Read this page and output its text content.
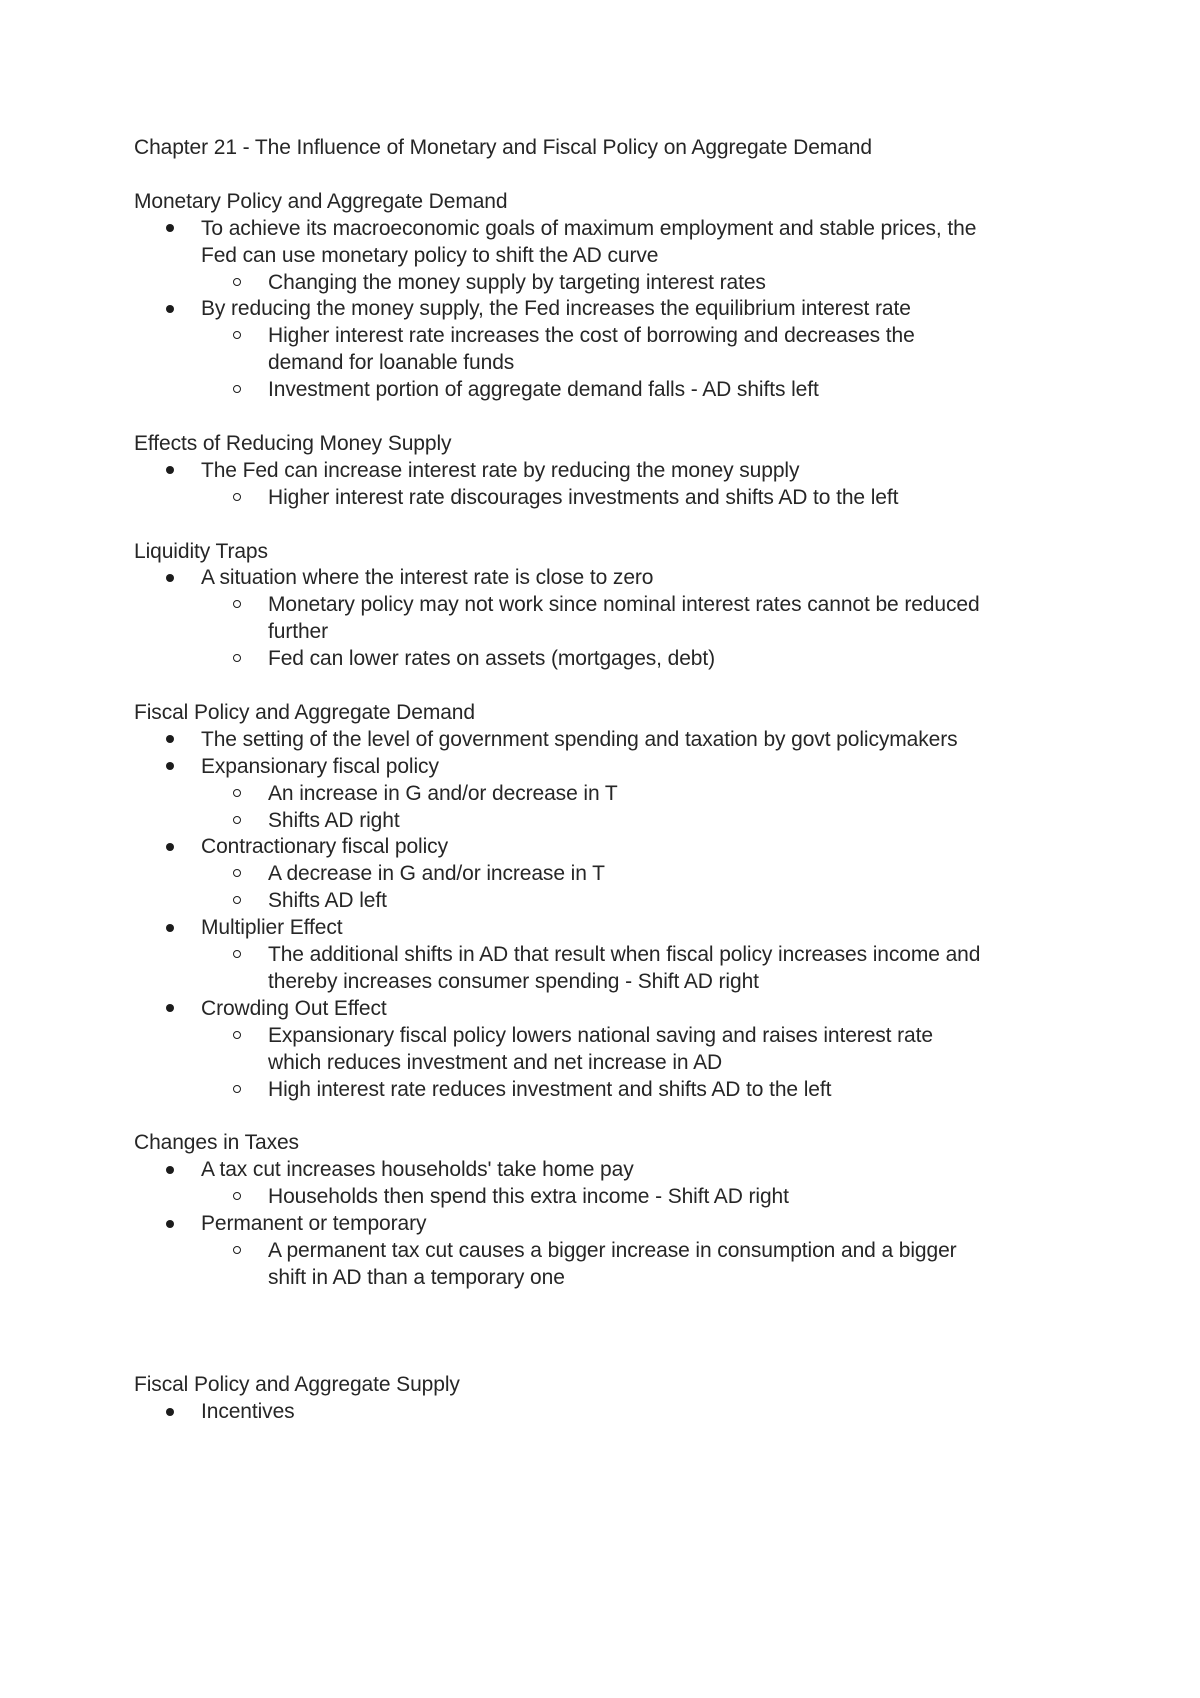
Chapter 21 - The Influence of Monetary and Fiscal Policy on Aggregate Demand
Monetary Policy and Aggregate Demand
To achieve its macroeconomic goals of maximum employment and stable prices, the
Fed can use monetary policy to shift the AD curve
Changing the money supply by targeting interest rates
By reducing the money supply, the Fed increases the equilibrium interest rate
Higher interest rate increases the cost of borrowing and decreases the
demand for loanable funds
Investment portion of aggregate demand falls - AD shifts left
Effects of Reducing Money Supply
The Fed can increase interest rate by reducing the money supply
Higher interest rate discourages investments and shifts AD to the left
Liquidity Traps
A situation where the interest rate is close to zero
Monetary policy may not work since nominal interest rates cannot be reduced
further
Fed can lower rates on assets (mortgages, debt)
Fiscal Policy and Aggregate Demand
The setting of the level of government spending and taxation by govt policymakers
Expansionary fiscal policy
An increase in G and/or decrease in T
Shifts AD right
Contractionary fiscal policy
A decrease in G and/or increase in T
Shifts AD left
Multiplier Effect
The additional shifts in AD that result when fiscal policy increases income and
thereby increases consumer spending - Shift AD right
Crowding Out Effect
Expansionary fiscal policy lowers national saving and raises interest rate
which reduces investment and net increase in AD
High interest rate reduces investment and shifts AD to the left
Changes in Taxes
A tax cut increases households' take home pay
Households then spend this extra income - Shift AD right
Permanent or temporary
A permanent tax cut causes a bigger increase in consumption and a bigger
shift in AD than a temporary one
Fiscal Policy and Aggregate Supply
Incentives
